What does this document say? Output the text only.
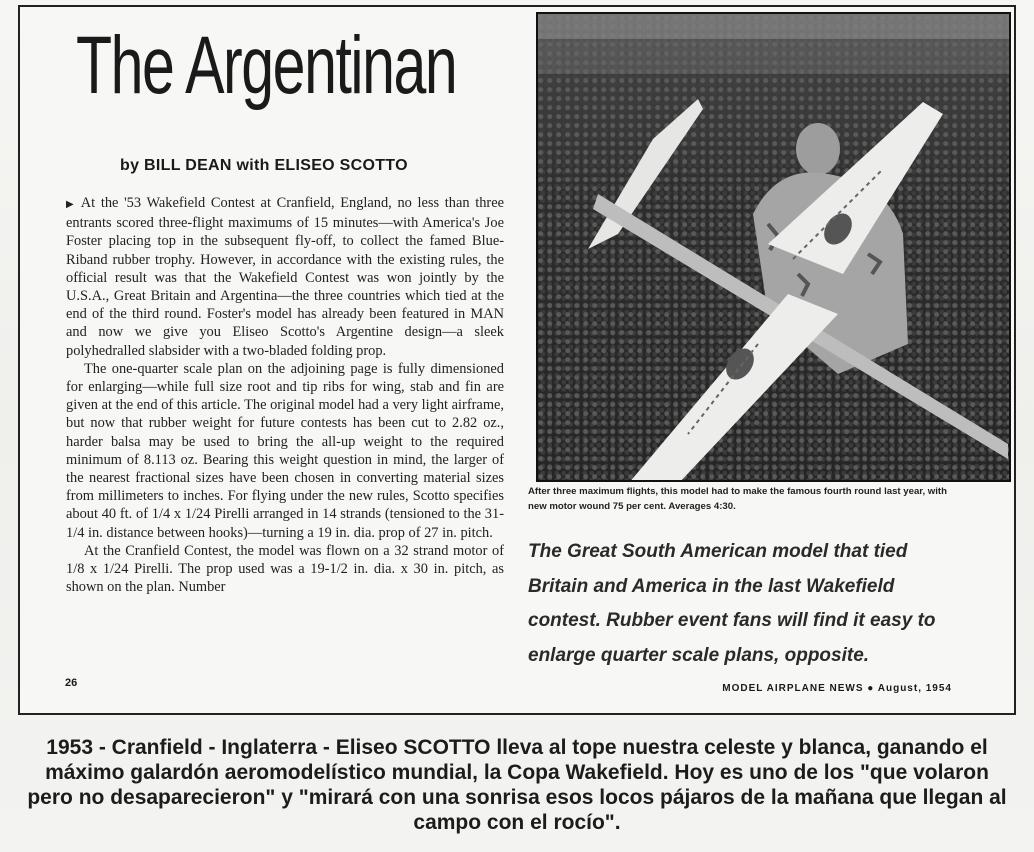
The Argentinan
by BILL DEAN with ELISEO SCOTTO

▶ At the '53 Wakefield Contest at Cranfield, England, no less than three entrants scored three-flight maximums of 15 minutes—with America's Joe Foster placing top in the subsequent fly-off, to collect the famed Blue-Riband rubber trophy. However, in accordance with the existing rules, the official result was that the Wakefield Contest was won jointly by the U.S.A., Great Britain and Argentina—the three countries which tied at the end of the third round. Foster's model has already been featured in MAN and now we give you Eliseo Scotto's Argentine design—a sleek polyhedralled slabsider with a two-bladed folding prop.

The one-quarter scale plan on the adjoining page is fully dimensioned for enlarging—while full size root and tip ribs for wing, stab and fin are given at the end of this article. The original model had a very light airframe, but now that rubber weight for future contests has been cut to 2.82 oz., harder balsa may be used to bring the all-up weight to the required minimum of 8.113 oz. Bearing this weight question in mind, the larger of the nearest fractional sizes have been chosen in converting material sizes from millimeters to inches. For flying under the new rules, Scotto specifies about 40 ft. of 1/4 x 1/24 Pirelli arranged in 14 strands (tensioned to the 31-1/4 in. distance between hooks)—turning a 19 in. dia. prop of 27 in. pitch.

At the Cranfield Contest, the model was flown on a 32 strand motor of 1/8 x 1/24 Pirelli. The prop used was a 19-1/2 in. dia. x 30 in. pitch, as shown on the plan. Number

26
After three maximum flights, this model had to make the famous fourth round last year, with new motor wound 75 per cent. Averages 4:30.
The Great South American model that tied Britain and America in the last Wakefield contest. Rubber event fans will find it easy to enlarge quarter scale plans, opposite.
MODEL AIRPLANE NEWS ● August, 1954
1953 - Cranfield - Inglaterra - Eliseo SCOTTO lleva al tope nuestra celeste y blanca, ganando el máximo galardón aeromodelístico mundial, la Copa Wakefield. Hoy es uno de los "que volaron pero no desaparecieron" y "mirará con una sonrisa esos locos pájaros de la mañana que llegan al campo con el rocío".
